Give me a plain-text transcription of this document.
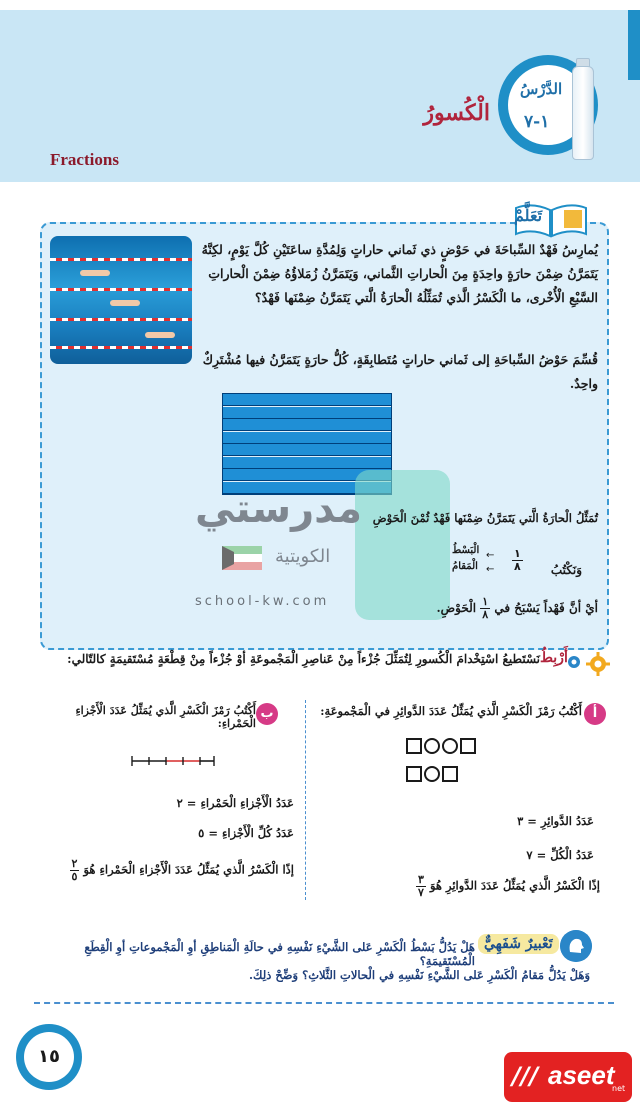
الدَّرْسُ
١-٧
الْكُسورُ
Fractions
تَعَلَّمْ
يُمارِسُ فَهْدٌ السِّباحَةَ في حَوْضٍ ذي ثَماني حاراتٍ وَلِمُدَّةِ ساعَتَيْنِ كُلَّ يَوْمٍ، لكِنَّهُ يَتَمَرَّنُ ضِمْنَ حارَةٍ واحِدَةٍ مِنَ الْحاراتِ الثَّماني، وَيَتَمَرَّنُ زُمَلاؤُهُ ضِمْنَ الْحاراتِ السَّبْعِ الْأُخْرى، ما الْكَسْرُ الَّذي تُمَثِّلُهُ الْحارَةُ الَّتي يَتَمَرَّنُ ضِمْنَها فَهْدٌ؟
قُسِّمَ حَوْضُ السِّباحَةِ إلى ثَماني حاراتٍ مُتَطابِقَةٍ، كُلُّ حارَةٍ يَتَمَرَّنُ فيها مُشْتَرِكٌ واحِدٌ.
مدرستي
الكويتية
school-kw.com
تُمَثِّلُ الْحارَةُ الَّتي يَتَمَرَّنُ ضِمْنَها فَهْدٌ ثُمْنَ الْحَوْضِ
وَنَكْتُبُ
١
٨
←
←
الْبَسْطُ
الْمَقامُ
أيْ أنَّ فَهْداً يَسْبَحُ في
$\frac{١}{٨}$
الْحَوْضِ.
أَرْبِطُ
نَسْتَطيعُ اسْتِخْدامَ الْكُسورِ لِتُمَثِّلَ جُزْءاً مِنْ عَناصِرِ الْمَجْموعَةِ أوْ جُزْءاً مِنْ قِطْعَةٍ مُسْتَقيمَةٍ كالتّالي:
أ
أَكْتُبُ رَمْزَ الْكَسْرِ الَّذي يُمَثِّلُ عَدَدَ الدَّوائِرِ في الْمَجْموعَةِ:
عَدَدُ الدَّوائِرِ = ٣
عَدَدُ الْكُلِّ = ٧
إذًا الْكَسْرُ الَّذي يُمَثِّلُ عَدَدَ الدَّوائِرِ هُوَ
$\frac{٣}{٧}$
ب
أَكْتُبُ رَمْزَ الْكَسْرِ الَّذي يُمَثِّلُ عَدَدَ الْأَجْزاءِ الْحَمْراءِ:
عَدَدُ الْأَجْزاءِ الْحَمْراءِ = ٢
عَدَدُ كُلِّ الْأَجْزاءِ = ٥
إذًا الْكَسْرُ الَّذي يُمَثِّلُ عَدَدَ الْأَجْزاءِ الْحَمْراءِ هُوَ
$\frac{٢}{٥}$
تَعْبيرٌ شَفَهِيٌّ
هَلْ يَدُلُّ بَسْطُ الْكَسْرِ عَلى الشَّيْءِ نَفْسِهِ في حالَةِ الْمَناطِقِ أوِ الْمَجْموعاتِ أوِ الْقِطَعِ الْمُسْتَقيمَةِ؟
وَهَلْ يَدُلُّ مَقامُ الْكَسْرِ عَلى الشَّيْءِ نَفْسِهِ في الْحالاتِ الثَّلاثِ؟ وَضِّحْ ذلِكَ.
١٥
/// aseet
net
